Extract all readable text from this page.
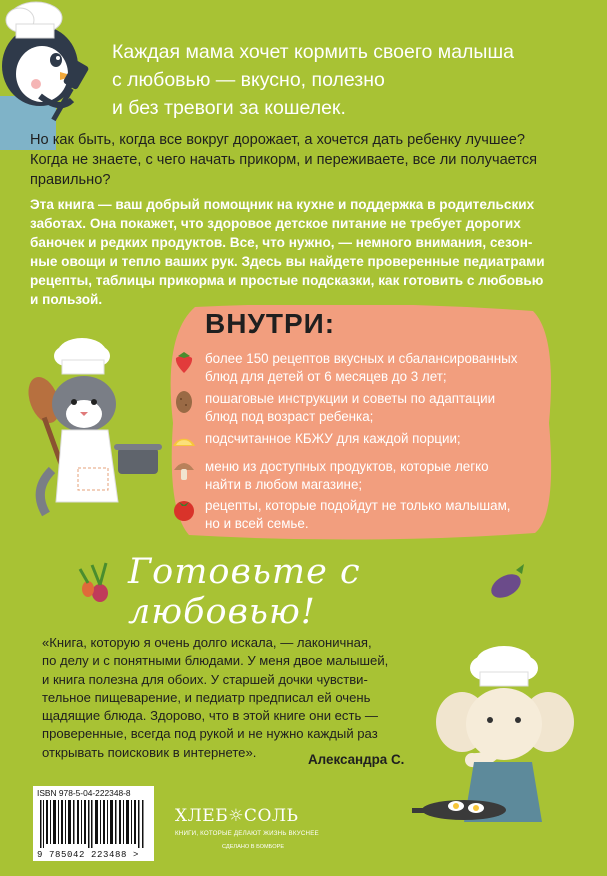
Каждая мама хочет кормить своего малыша
с любовью — вкусно, полезно
и без тревоги за кошелек.
Но как быть, когда все вокруг дорожает, а хочется дать ребенку лучшее?
Когда не знаете, с чего начать прикорм, и переживаете, все ли получается
правильно?
Эта книга — ваш добрый помощник на кухне и поддержка в родительских
заботах. Она покажет, что здоровое детское питание не требует дорогих
баночек и редких продуктов. Все, что нужно, — немного внимания, сезон-
ные овощи и тепло ваших рук. Здесь вы найдете проверенные педиатрами
рецепты, таблицы прикорма и простые подсказки, как готовить с любовью
и пользой.
ВНУТРИ:
более 150 рецептов вкусных и сбалансированных
блюд для детей от 6 месяцев до 3 лет;
пошаговые инструкции и советы по адаптации
блюд под возраст ребенка;
подсчитанное КБЖУ для каждой порции;
меню из доступных продуктов, которые легко
найти в любом магазине;
рецепты, которые подойдут не только малышам,
но и всей семье.
Готовьте с любовью!
«Книга, которую я очень долго искала, — лаконичная,
по делу и с понятными блюдами. У меня двое малышей,
и книга полезна для обоих. У старшей дочки чувстви-
тельное пищеварение, и педиатр предписал ей очень
щадящие блюда. Здорово, что в этой книге они есть —
проверенные, всегда под рукой и не нужно каждый раз
открывать поисковик в интернете».	Александра С.
ISBN 978-5-04-222348-8
9 785042 223488 >
ХЛЕБ☼СОЛЬ
КНИГИ, КОТОРЫЕ ДЕЛАЮТ ЖИЗНЬ ВКУСНЕЕ
СДЕЛАНО В БОМБОРЕ
